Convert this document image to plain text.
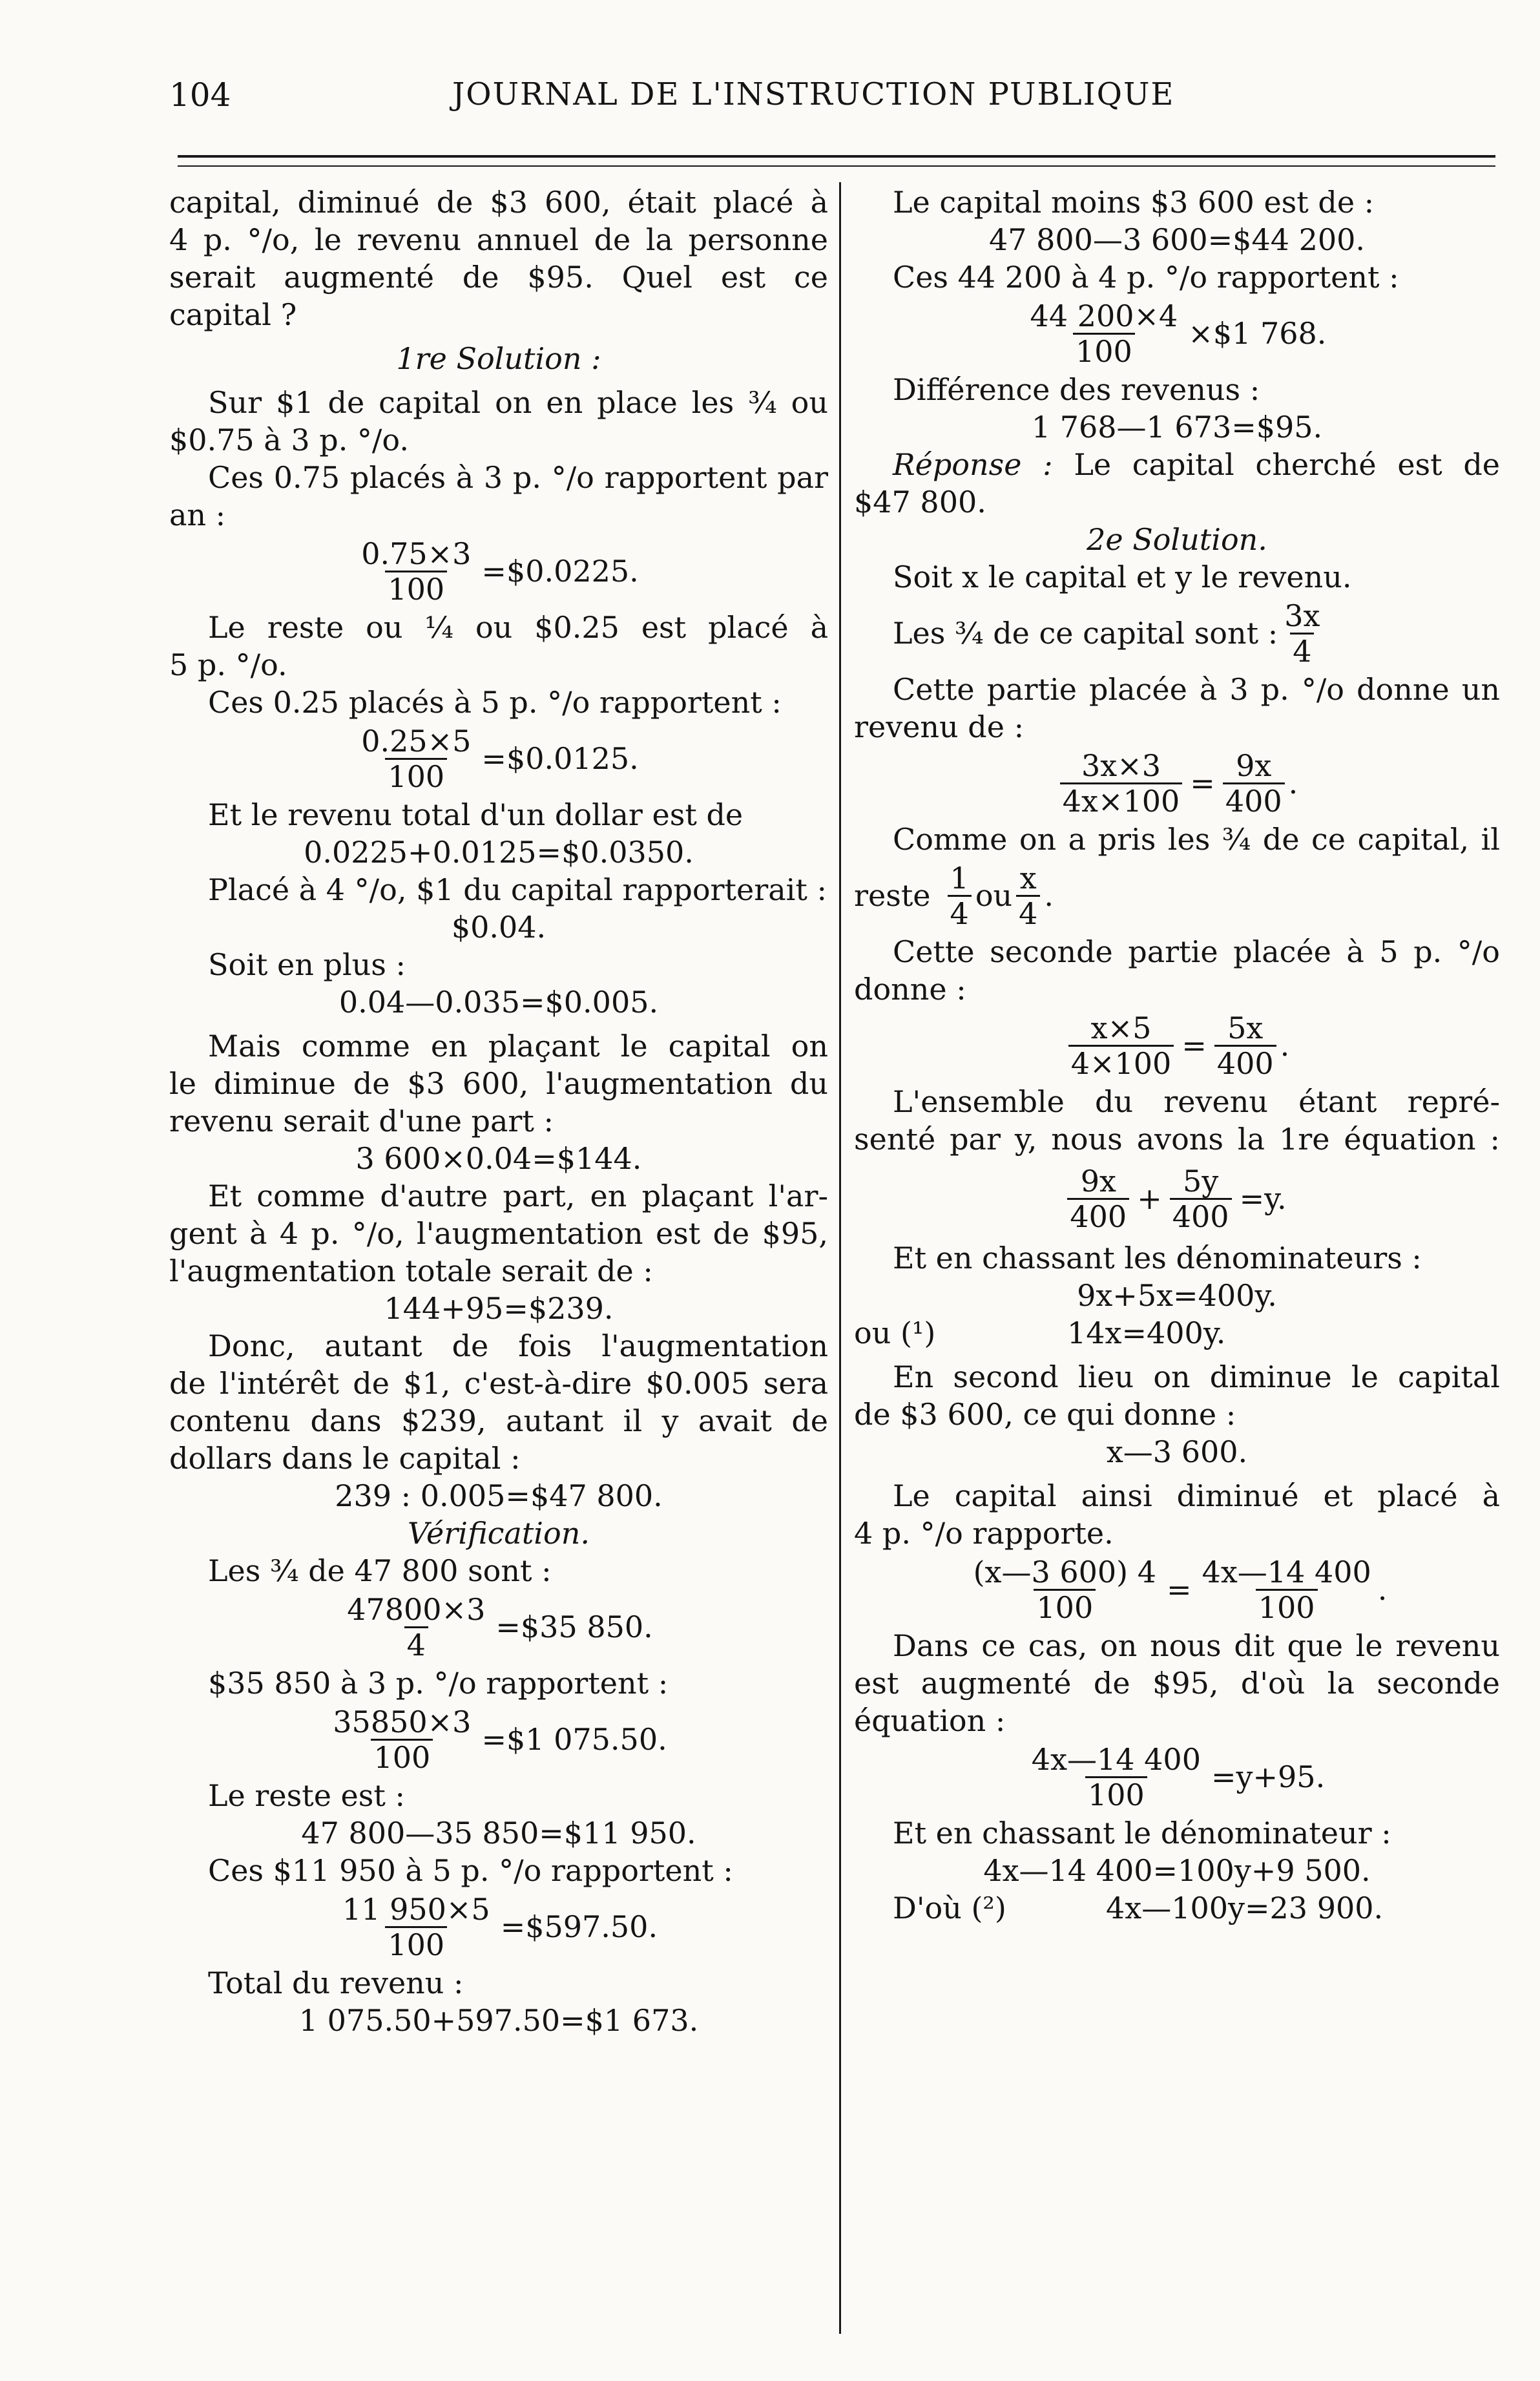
104	JOURNAL DE L'INSTRUCTION PUBLIQUE
capital, diminué de $3 600, était placé à
4 p. °/o, le revenu annuel de la personne
serait augmenté de $95. Quel est ce
capital ?
1re Solution :
Sur $1 de capital on en place les ¾ ou
$0.75 à 3 p. °/o.
Ces 0.75 placés à 3 p. °/o rapportent par
an :
$\frac{0.75\times 3}{100}$ =$0.0225.
Le reste ou ¼ ou $0.25 est placé à
5 p. °/o.
Ces 0.25 placés à 5 p. °/o rapportent :
$\frac{0.25\times 5}{100}$ =$0.0125.
Et le revenu total d'un dollar est de
0.0225+0.0125=$0.0350.
Placé à 4 °/o, $1 du capital rapporterait :
$0.04.
Soit en plus :
0.04—0.035=$0.005.
Mais comme en plaçant le capital on
le diminue de $3 600, l'augmentation du
revenu serait d'une part :
3 600×0.04=$144.
Et comme d'autre part, en plaçant l'ar-
gent à 4 p. °/o, l'augmentation est de $95,
l'augmentation totale serait de :
144+95=$239.
Donc, autant de fois l'augmentation
de l'intérêt de $1, c'est-à-dire $0.005 sera
contenu dans $239, autant il y avait de
dollars dans le capital :
239 : 0.005=$47 800.
Vérification.
Les ¾ de 47 800 sont :
$\frac{47800\times 3}{4}$ =$35 850.
$35 850 à 3 p. °/o rapportent :
$\frac{35850\times 3}{100}$ =$1 075.50.
Le reste est :
47 800—35 850=$11 950.
Ces $11 950 à 5 p. °/o rapportent :
$\frac{11 950\times 5}{100}$ =$597.50.
Total du revenu :
1 075.50+597.50=$1 673.
Le capital moins $3 600 est de :
47 800—3 600=$44 200.
Ces 44 200 à 4 p. °/o rapportent :
$\frac{44 200\times 4}{100}$ ×$1 768.
Différence des revenus :
1 768—1 673=$95.
Réponse : Le capital cherché est de
$47 800.
2e Solution.
Soit x le capital et y le revenu.
Les ¾ de ce capital sont : $\frac{3x}{4}$
Cette partie placée à 3 p. °/o donne un
revenu de :
$\frac{3x\times 3}{4x\times 100} = \frac{9x}{400}$ .
Comme on a pris les ¾ de ce capital, il
reste $\frac{1}{4}$ ou $\frac{x}{4}$ .
Cette seconde partie placée à 5 p. °/o
donne :
$\frac{x\times 5}{4\times 100} = \frac{5x}{400}$ .
L'ensemble du revenu étant repré-
senté par y, nous avons la 1re équation :
$\frac{9x}{400} + \frac{5y}{400} =y$.
Et en chassant les dénominateurs :
9x+5x=400y.
ou (¹)	14x=400y.
En second lieu on diminue le capital
de $3 600, ce qui donne :
x—3 600.
Le capital ainsi diminué et placé à
4 p. °/o rapporte.
$\frac{(x—3 600) 4}{100} = \frac{4x—14 400}{100}$ .
Dans ce cas, on nous dit que le revenu
est augmenté de $95, d'où la seconde
équation :
$\frac{4x—14 400}{100} =y+95$.
Et en chassant le dénominateur :
4x—14 400=100y+9 500.
D'où (²)	4x—100y=23 900.
